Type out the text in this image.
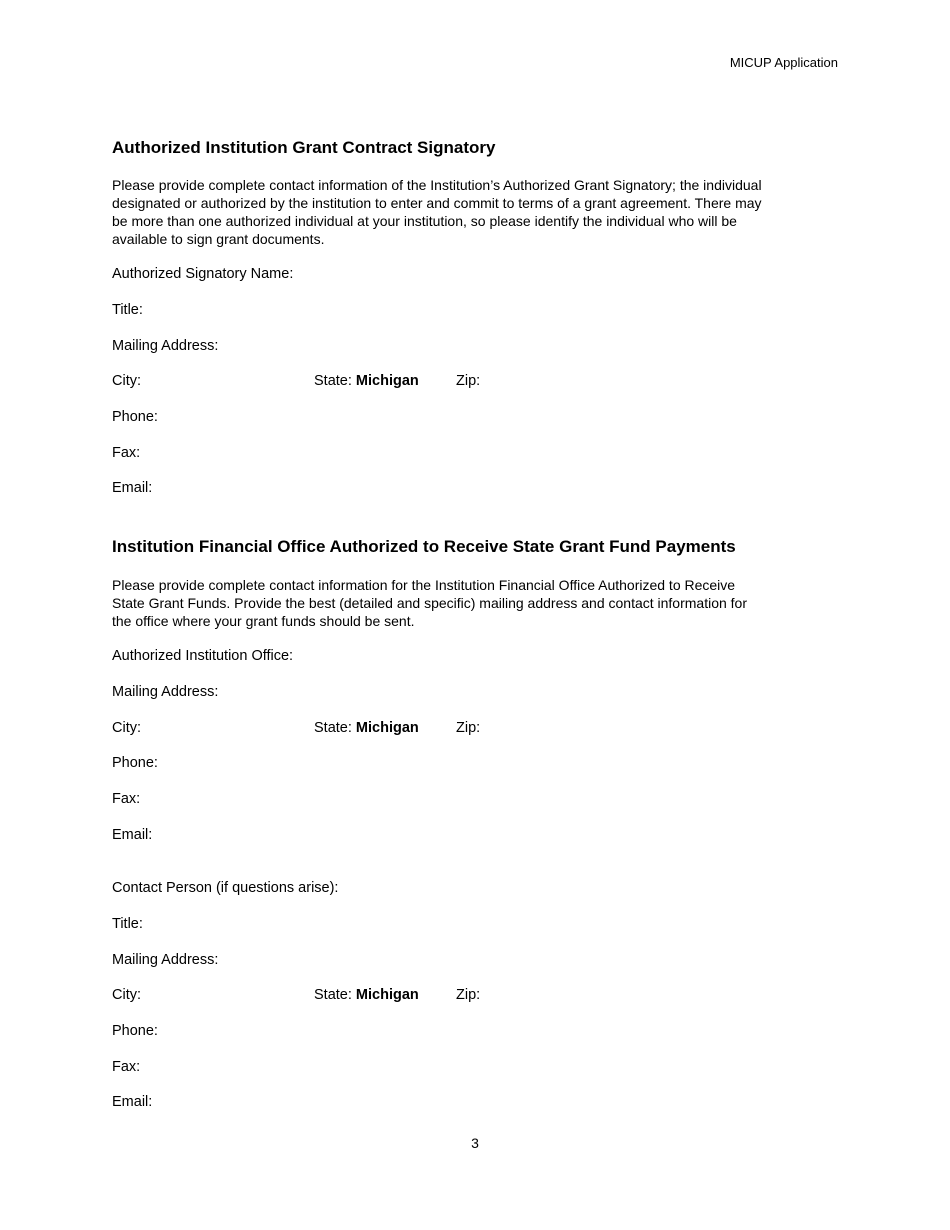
MICUP Application
Authorized Institution Grant Contract Signatory

Please provide complete contact information of the Institution’s Authorized Grant Signatory; the individual

designated or authorized by the institution to enter and commit to terms of a grant agreement. There may

be more than one authorized individual at your institution, so please identify the individual who will be

available to sign grant documents.

Authorized Signatory Name:
Title:
Mailing Address:
City:	State: Michigan	Zip:
Phone:
Fax:
Email:
Institution Financial Office Authorized to Receive State Grant Fund Payments

Please provide complete contact information for the Institution Financial Office Authorized to Receive

State Grant Funds. Provide the best (detailed and specific) mailing address and contact information for

the office where your grant funds should be sent.

Authorized Institution Office:
Mailing Address:
City:	State: Michigan	Zip:
Phone:
Fax:
Email:
Contact Person (if questions arise):
Title:
Mailing Address:
City:	State: Michigan	Zip:
Phone:
Fax:
Email:
3
